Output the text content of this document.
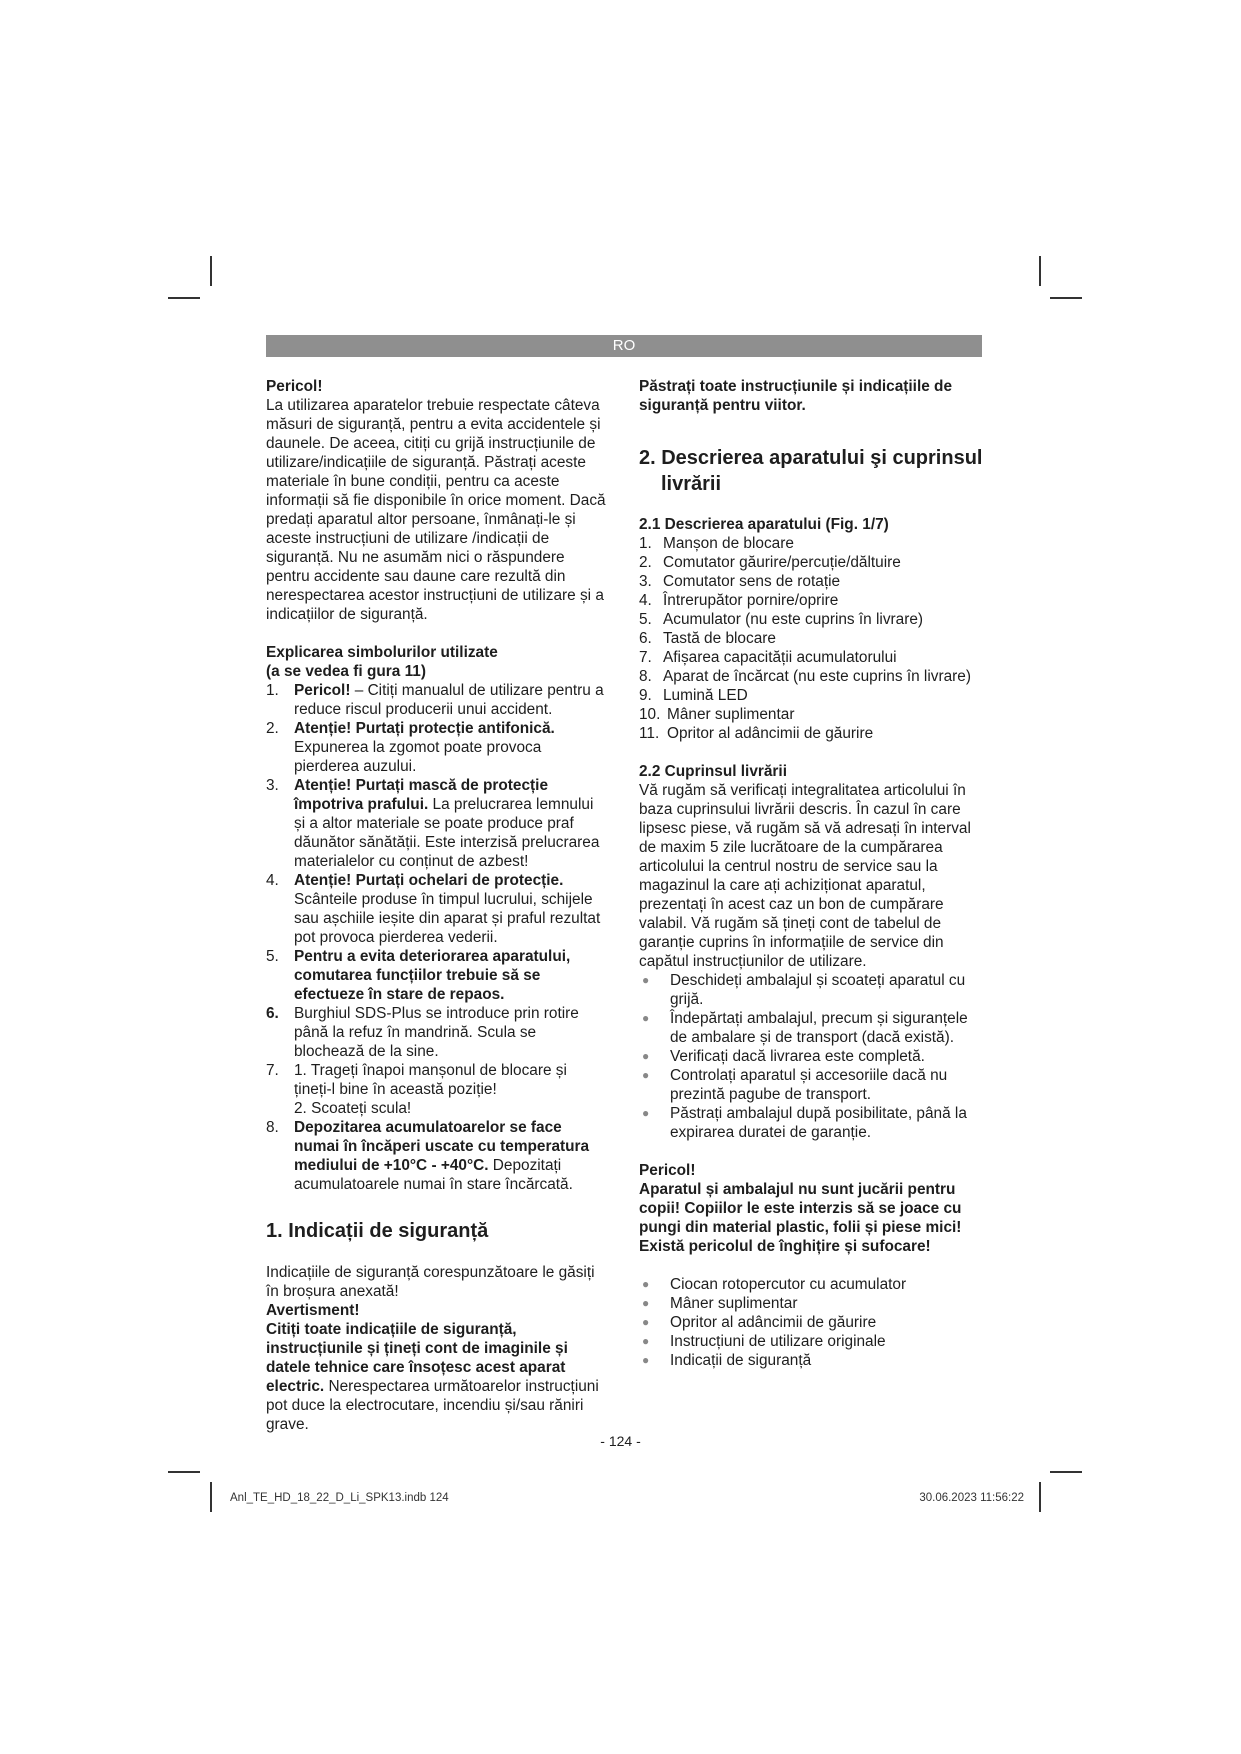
RO

Pericol!

La utilizarea aparatelor trebuie respectate câteva măsuri de siguranță, pentru a evita accidentele și daunele. De aceea, citiți cu grijă instrucțiunile de utilizare/indicațiile de siguranță. Păstrați aceste materiale în bune condiții, pentru ca aceste informații să fie disponibile în orice moment. Dacă predați aparatul altor persoane, înmânați-le și aceste instrucțiuni de utilizare /indicații de siguranță. Nu ne asumăm nici o răspundere pentru accidente sau daune care rezultă din nerespectarea acestor instrucțiuni de utilizare și a indicațiilor de siguranță.

Explicarea simbolurilor utilizate

(a se vedea fi gura 11)

1. Pericol! – Citiți manualul de utilizare pentru a reduce riscul producerii unui accident.
2. Atenție! Purtați protecție antifonică. Expunerea la zgomot poate provoca pierderea auzului.
3. Atenție! Purtați mască de protecție împotriva prafului. La prelucrarea lemnului și a altor materiale se poate produce praf dăunător sănătății. Este interzisă prelucrarea materialelor cu conținut de azbest!
4. Atenție! Purtați ochelari de protecție. Scânteile produse în timpul lucrului, schijele sau așchiile ieșite din aparat și praful rezultat pot provoca pierderea vederii.
5. Pentru a evita deteriorarea aparatului, comutarea funcțiilor trebuie să se efectueze în stare de repaos.
6. Burghiul SDS-Plus se introduce prin rotire până la refuz în mandrină. Scula se blochează de la sine.
7. 1. Trageți înapoi manșonul de blocare și țineți-l bine în această poziție!
2. Scoateți scula!
8. Depozitarea acumulatoarelor se face numai în încăperi uscate cu temperatura mediului de +10°C - +40°C. Depozitați acumulatoarele numai în stare încărcată.

1. Indicații de siguranță

Indicațiile de siguranță corespunzătoare le găsiți în broșura anexată!

Avertisment!

Citiți toate indicațiile de siguranță, instrucțiunile și țineți cont de imaginile și datele tehnice care însoțesc acest aparat electric. Nerespectarea următoarelor instrucțiuni pot duce la electrocutare, incendiu și/sau răniri grave.

Păstrați toate instrucțiunile și indicațiile de siguranță pentru viitor.

2. Descrierea aparatului şi cuprinsul
livrării

2.1 Descrierea aparatului (Fig. 1/7)

1. Manșon de blocare
2. Comutator găurire/percuție/dăltuire
3. Comutator sens de rotație
4. Întrerupător pornire/oprire
5. Acumulator (nu este cuprins în livrare)
6. Tastă de blocare
7. Afișarea capacității acumulatorului
8. Aparat de încărcat (nu este cuprins în livrare)
9. Lumină LED
10. Mâner suplimentar
11. Opritor al adâncimii de găurire

2.2 Cuprinsul livrării

Vă rugăm să verificați integralitatea articolului în baza cuprinsului livrării descris. În cazul în care lipsesc piese, vă rugăm să vă adresați în interval de maxim 5 zile lucrătoare de la cumpărarea articolului la centrul nostru de service sau la magazinul la care ați achiziționat aparatul, prezentați în acest caz un bon de cumpărare valabil. Vă rugăm să țineți cont de tabelul de garanție cuprins în informațiile de service din capătul instrucțiunilor de utilizare.

●	Deschideți ambalajul și scoateți aparatul cu grijă.
●	Îndepărtați ambalajul, precum și siguranțele de ambalare și de transport (dacă există).
●	Verificați dacă livrarea este completă.
●	Controlați aparatul și accesoriile dacă nu prezintă pagube de transport.
●	Păstrați ambalajul după posibilitate, până la expirarea duratei de garanție.

Pericol!

Aparatul și ambalajul nu sunt jucării pentru copii! Copiilor le este interzis să se joace cu pungi din material plastic, folii și piese mici! Există pericolul de înghițire și sufocare!

●	Ciocan rotopercutor cu acumulator
●	Mâner suplimentar
●	Opritor al adâncimii de găurire
●	Instrucțiuni de utilizare originale
●	Indicații de siguranță
- 124 -
Anl_TE_HD_18_22_D_Li_SPK13.indb 124	30.06.2023 11:56:22
